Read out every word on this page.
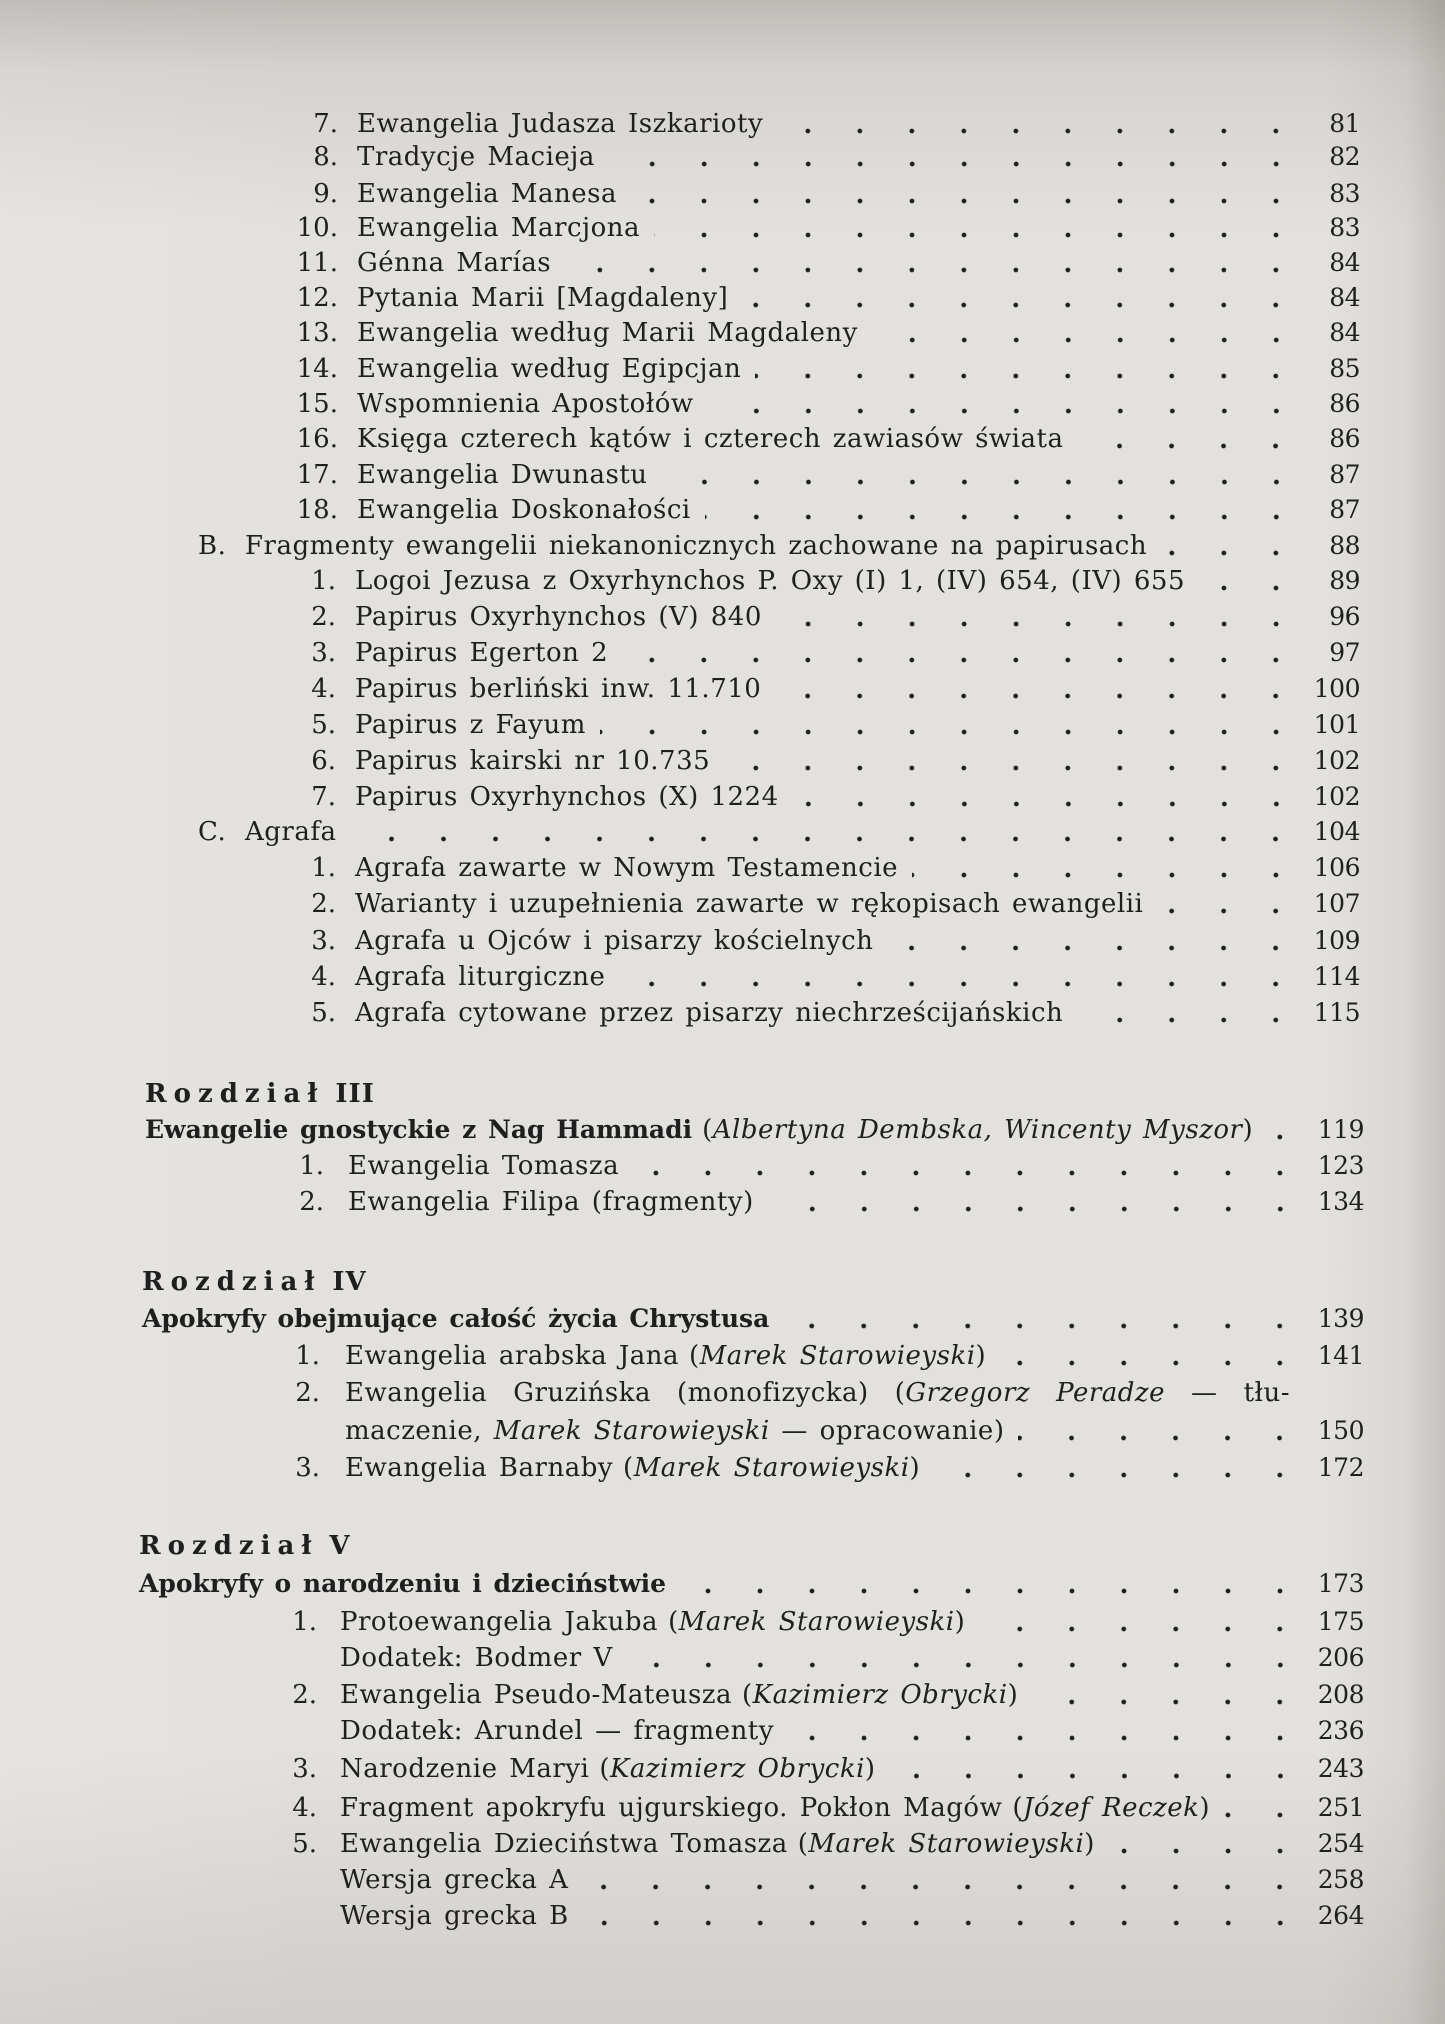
7. Ewangelia Judasza Iszkarioty	81
8. Tradycje Macieja	82
9. Ewangelia Manesa	83
10. Ewangelia Marcjona	83
11. Génna Marías	84
12. Pytania Marii [Magdaleny]	84
13. Ewangelia według Marii Magdaleny	84
14. Ewangelia według Egipcjan	85
15. Wspomnienia Apostołów	86
16. Księga czterech kątów i czterech zawiasów świata	86
17. Ewangelia Dwunastu	87
18. Ewangelia Doskonałości	87
B. Fragmenty ewangelii niekanonicznych zachowane na papirusach	88
1. Logoi Jezusa z Oxyrhynchos P. Oxy (I) 1, (IV) 654, (IV) 655	89
2. Papirus Oxyrhynchos (V) 840	96
3. Papirus Egerton 2	97
4. Papirus berliński inw. 11.710	100
5. Papirus z Fayum	101
6. Papirus kairski nr 10.735	102
7. Papirus Oxyrhynchos (X) 1224	102
C. Agrafa	104
1. Agrafa zawarte w Nowym Testamencie	106
2. Warianty i uzupełnienia zawarte w rękopisach ewangelii	107
3. Agrafa u Ojców i pisarzy kościelnych	109
4. Agrafa liturgiczne	114
5. Agrafa cytowane przez pisarzy niechrześcijańskich	115
Rozdział III
Ewangelie gnostyckie z Nag Hammadi (Albertyna Dembska, Wincenty Myszor)	119
1. Ewangelia Tomasza	123
2. Ewangelia Filipa (fragmenty)	134
Rozdział IV
Apokryfy obejmujące całość życia Chrystusa	139
1. Ewangelia arabska Jana (Marek Starowieyski)	141
2. Ewangelia Gruzińska (monofizycka) (Grzegorz Peradze — tłu-
maczenie, Marek Starowieyski — opracowanie)	150
3. Ewangelia Barnaby (Marek Starowieyski)	172
Rozdział V
Apokryfy o narodzeniu i dzieciństwie	173
1. Protoewangelia Jakuba (Marek Starowieyski)	175
Dodatek: Bodmer V	206
2. Ewangelia Pseudo-Mateusza (Kazimierz Obrycki)	208
Dodatek: Arundel — fragmenty	236
3. Narodzenie Maryi (Kazimierz Obrycki)	243
4. Fragment apokryfu ujgurskiego. Pokłon Magów (Józef Reczek)	251
5. Ewangelia Dzieciństwa Tomasza (Marek Starowieyski)	254
Wersja grecka A	258
Wersja grecka B	264
